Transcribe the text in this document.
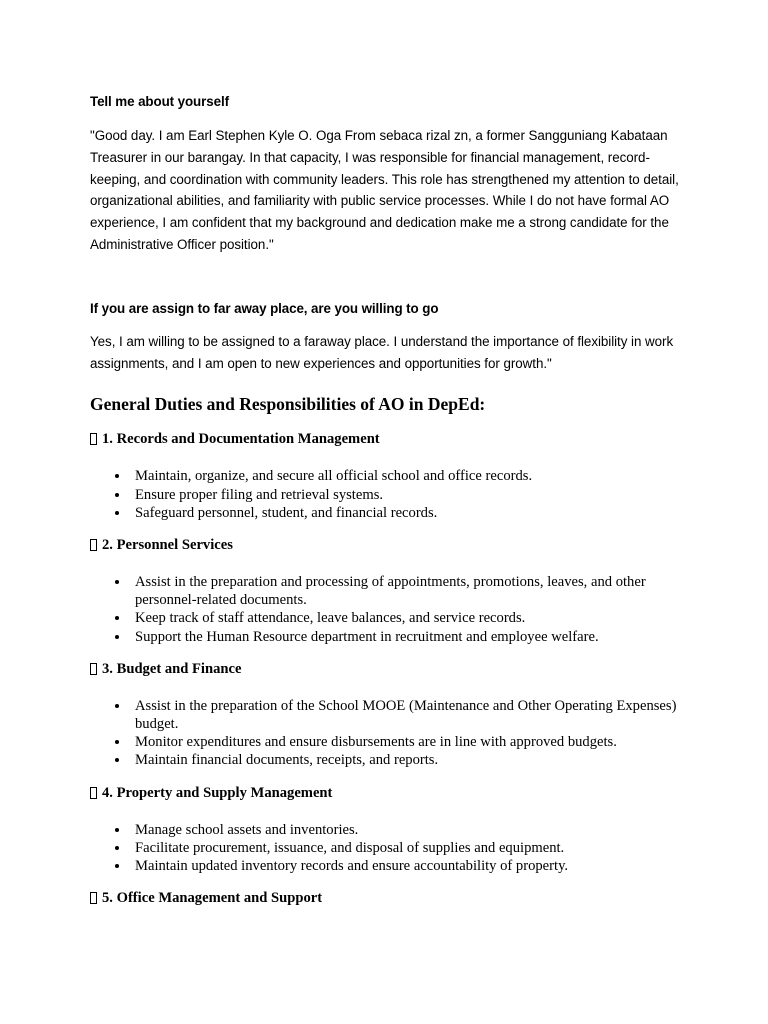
Tell me about yourself

"Good day. I am Earl Stephen Kyle O. Oga From sebaca rizal zn, a former Sangguniang Kabataan Treasurer in our barangay. In that capacity, I was responsible for financial management, record-keeping, and coordination with community leaders. This role has strengthened my attention to detail, organizational abilities, and familiarity with public service processes. While I do not have formal AO experience, I am confident that my background and dedication make me a strong candidate for the Administrative Officer position."

If you are assign to far away place, are you willing to go

Yes, I am willing to be assigned to a faraway place. I understand the importance of flexibility in work assignments, and I am open to new experiences and opportunities for growth."

General Duties and Responsibilities of AO in DepEd:
1. Records and Documentation Management
Maintain, organize, and secure all official school and office records.
Ensure proper filing and retrieval systems.
Safeguard personnel, student, and financial records.
2. Personnel Services
Assist in the preparation and processing of appointments, promotions, leaves, and other personnel-related documents.
Keep track of staff attendance, leave balances, and service records.
Support the Human Resource department in recruitment and employee welfare.
3. Budget and Finance
Assist in the preparation of the School MOOE (Maintenance and Other Operating Expenses) budget.
Monitor expenditures and ensure disbursements are in line with approved budgets.
Maintain financial documents, receipts, and reports.
4. Property and Supply Management
Manage school assets and inventories.
Facilitate procurement, issuance, and disposal of supplies and equipment.
Maintain updated inventory records and ensure accountability of property.
5. Office Management and Support
